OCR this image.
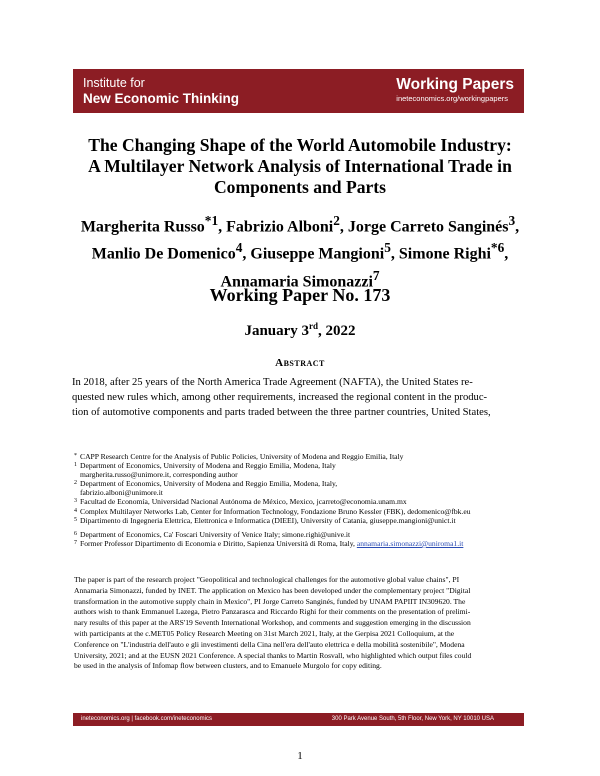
Institute for
New Economic Thinking
Working Papers
ineteconomics.org/workingpapers
The Changing Shape of the World Automobile Industry:
A Multilayer Network Analysis of International Trade in
Components and Parts
Margherita Russo$^{*1}$, Fabrizio Alboni$^2$, Jorge Carreto Sanginés$^3$,
Manlio De Domenico$^4$, Giuseppe Mangioni$^5$, Simone Righi$^{*6}$,
Annamaria Simonazzi$^7$
Working Paper No. 173
January 3rd, 2022
Abstract
In 2018, after 25 years of the North America Trade Agreement (NAFTA), the United States re-
quested new rules which, among other requirements, increased the regional content in the produc-
tion of automotive components and parts traded between the three partner countries, United States,
* CAPP Research Centre for the Analysis of Public Policies, University of Modena and Reggio Emilia, Italy
1 Department of Economics, University of Modena and Reggio Emilia, Modena, Italy
margherita.russo@unimore.it, corresponding author
2 Department of Economics, University of Modena and Reggio Emilia, Modena, Italy,
fabrizio.alboni@unimore.it
3 Facultad de Economía, Universidad Nacional Autónoma de México, Mexico, jcarreto@economia.unam.mx
4 Complex Multilayer Networks Lab, Center for Information Technology, Fondazione Bruno Kessler (FBK), dedomenico@fbk.eu
5 Dipartimento di Ingegneria Elettrica, Elettronica e Informatica (DIEEI), University of Catania, giuseppe.mangioni@unict.it
6 Department of Economics, Ca' Foscari University of Venice Italy; simone.righi@unive.it
7 Former Professor Dipartimento di Economia e Diritto, Sapienza Università di Roma, Italy, annamaria.simonazzi@uniroma1.it
The paper is part of the research project "Geopolitical and technological challenges for the automotive global value chains", PI
Annamaria Simonazzi, funded by INET. The application on Mexico has been developed under the complementary project "Digital
transformation in the automotive supply chain in Mexico", PI Jorge Carreto Sanginés, funded by UNAM PAPIIT IN309620. The
authors wish to thank Emmanuel Lazega, Pietro Panzarasca and Riccardo Righi for their comments on the presentation of prelimi-
nary results of this paper at the ARS'19 Seventh International Workshop, and comments and suggestion emerging in the discussion
with participants at the c.MET05 Policy Research Meeting on 31st March 2021, Italy, at the Gerpisa 2021 Colloquium, at the
Conference on "L'industria dell'auto e gli investimenti della Cina nell'era dell'auto elettrica e della mobilità sostenibile", Modena
University, 2021; and at the EUSN 2021 Conference. A special thanks to Martin Rosvall, who highlighted which output files could
be used in the analysis of Infomap flow between clusters, and to Emanuele Murgolo for copy editing.
ineteconomics.org | facebook.com/ineteconomics	300 Park Avenue South, 5th Floor, New York, NY 10010 USA
1
